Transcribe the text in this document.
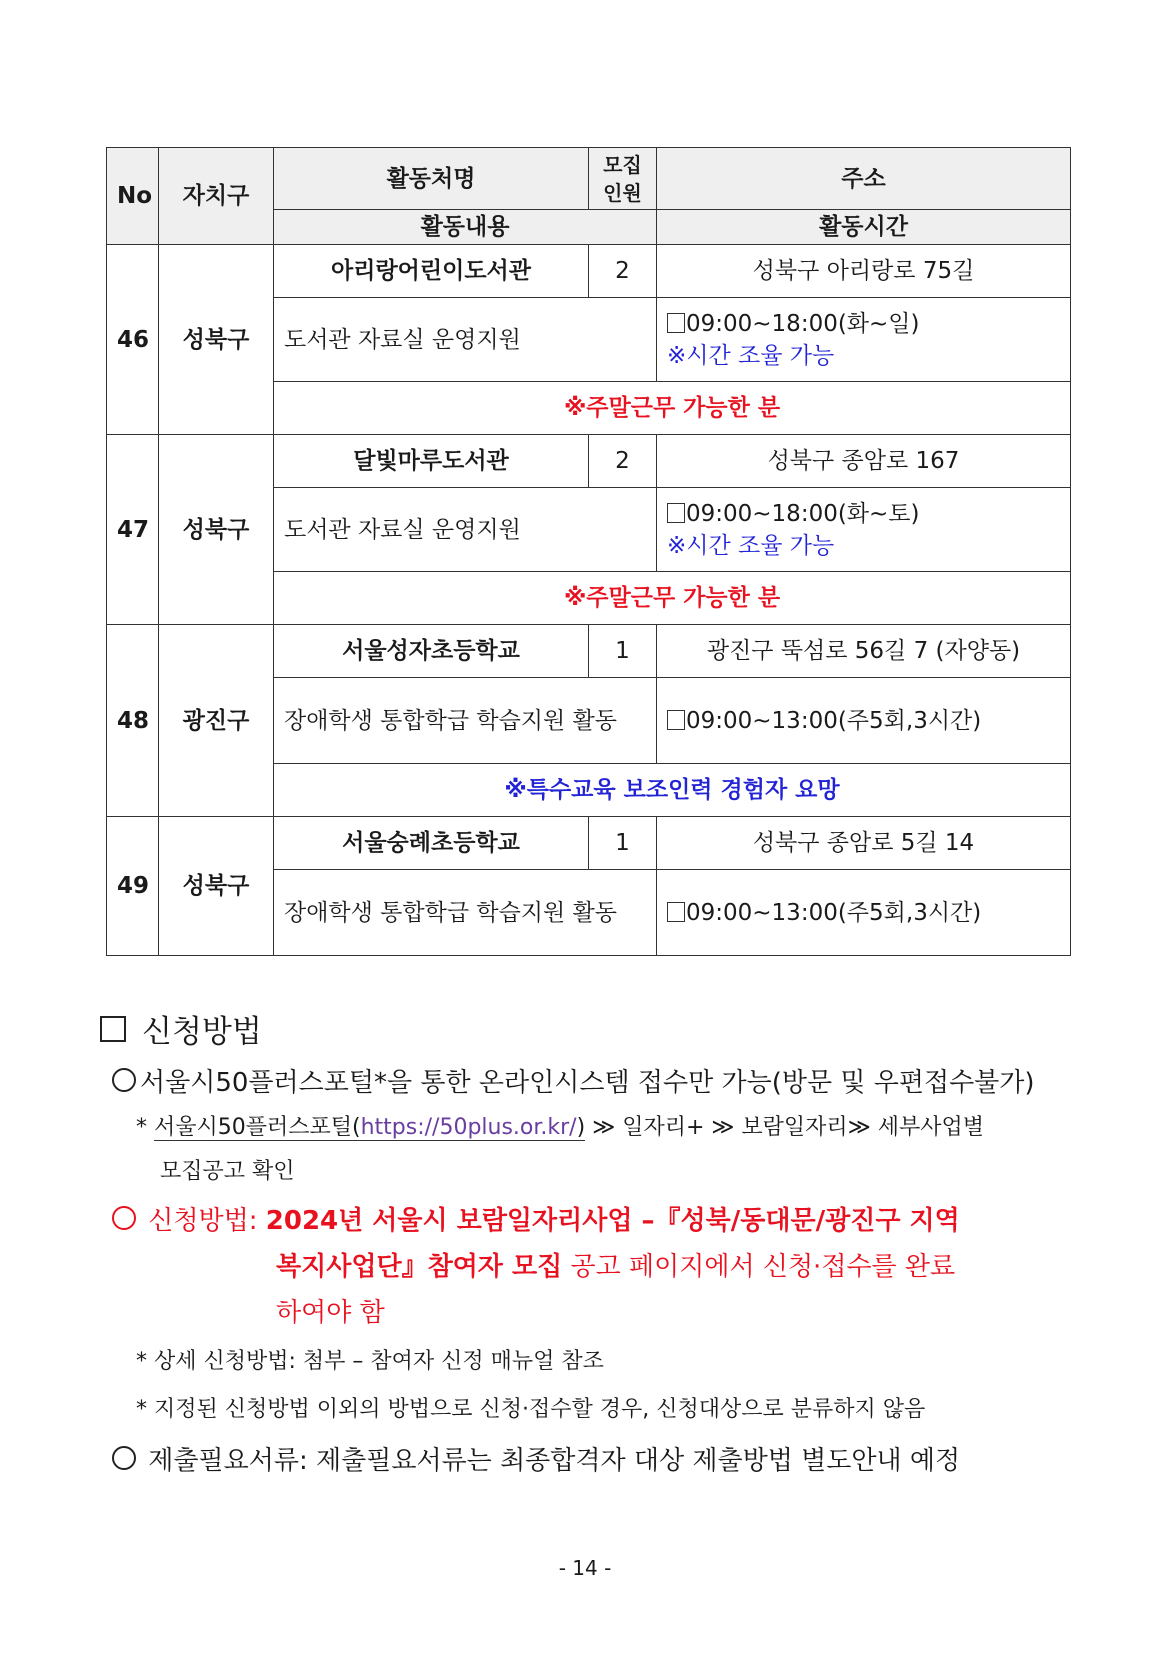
No	자치구	활동처명	모집
인원	주소
		활동내용		활동시간
46	성북구	아리랑어린이도서관	2	성북구 아리랑로 75길
		도서관 자료실 운영지원		09:00~18:00(화~일)
※시간 조율 가능
		※주말근무 가능한 분		
47	성북구	달빛마루도서관	2	성북구 종암로 167
		도서관 자료실 운영지원		09:00~18:00(화~토)
※시간 조율 가능
		※주말근무 가능한 분		
48	광진구	서울성자초등학교	1	광진구 뚝섬로 56길 7 (자양동)
		장애학생 통합학급 학습지원 활동		09:00~13:00(주5회,3시간)
		※특수교육 보조인력 경험자 요망		
49	성북구	서울숭례초등학교	1	성북구 종암로 5길 14
		장애학생 통합학급 학습지원 활동		09:00~13:00(주5회,3시간)
신청방법
서울시50플러스포털*을 통한 온라인시스템 접수만 가능(방문 및 우편접수불가)
* 서울시50플러스포털(https://50plus.or.kr/) ≫ 일자리+ ≫ 보람일자리≫ 세부사업별
모집공고 확인
신청방법: 2024년 서울시 보람일자리사업 –『성북/동대문/광진구 지역
복지사업단』참여자 모집 공고 페이지에서 신청·접수를 완료
하여야 함
* 상세 신청방법: 첨부 – 참여자 신정 매뉴얼 참조
* 지정된 신청방법 이외의 방법으로 신청·접수할 경우, 신청대상으로 분류하지 않음
제출필요서류: 제출필요서류는 최종합격자 대상 제출방법 별도안내 예정
- 14 -
